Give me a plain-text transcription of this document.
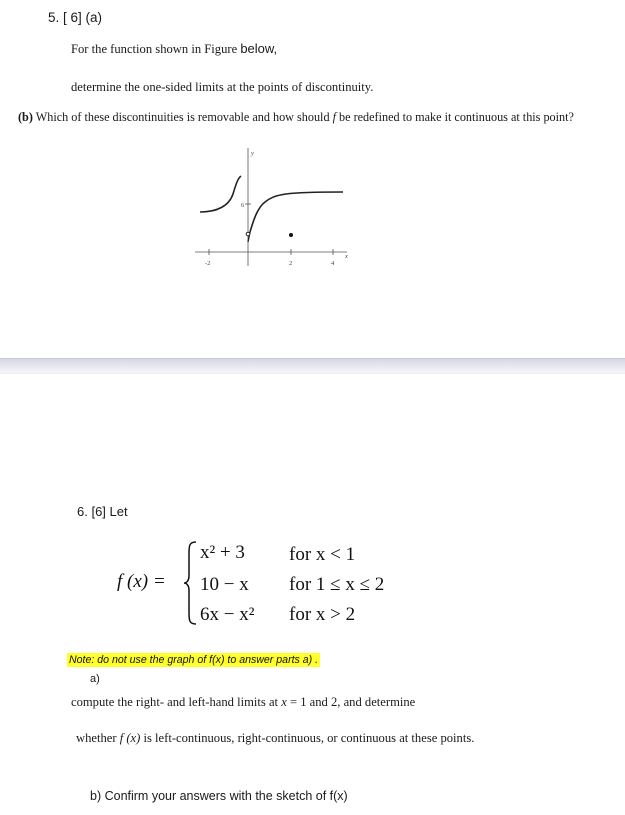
5. [ 6] (a)
For the function shown in Figure below,
determine the one-sided limits at the points of discontinuity.
(b) Which of these discontinuities is removable and how should f be redefined to make it continuous at this point?
y
x
6
-2	2	4
6. [6] Let
f (x) =
x² + 3 for x < 1
10 − x for 1 ≤ x ≤ 2
6x − x² for x > 2
Note: do not use the graph of f(x) to answer parts a) .
a)
compute the right- and left-hand limits at x = 1 and 2, and determine
whether f (x) is left-continuous, right-continuous, or continuous at these points.
b) Confirm your answers with the sketch of f(x)
